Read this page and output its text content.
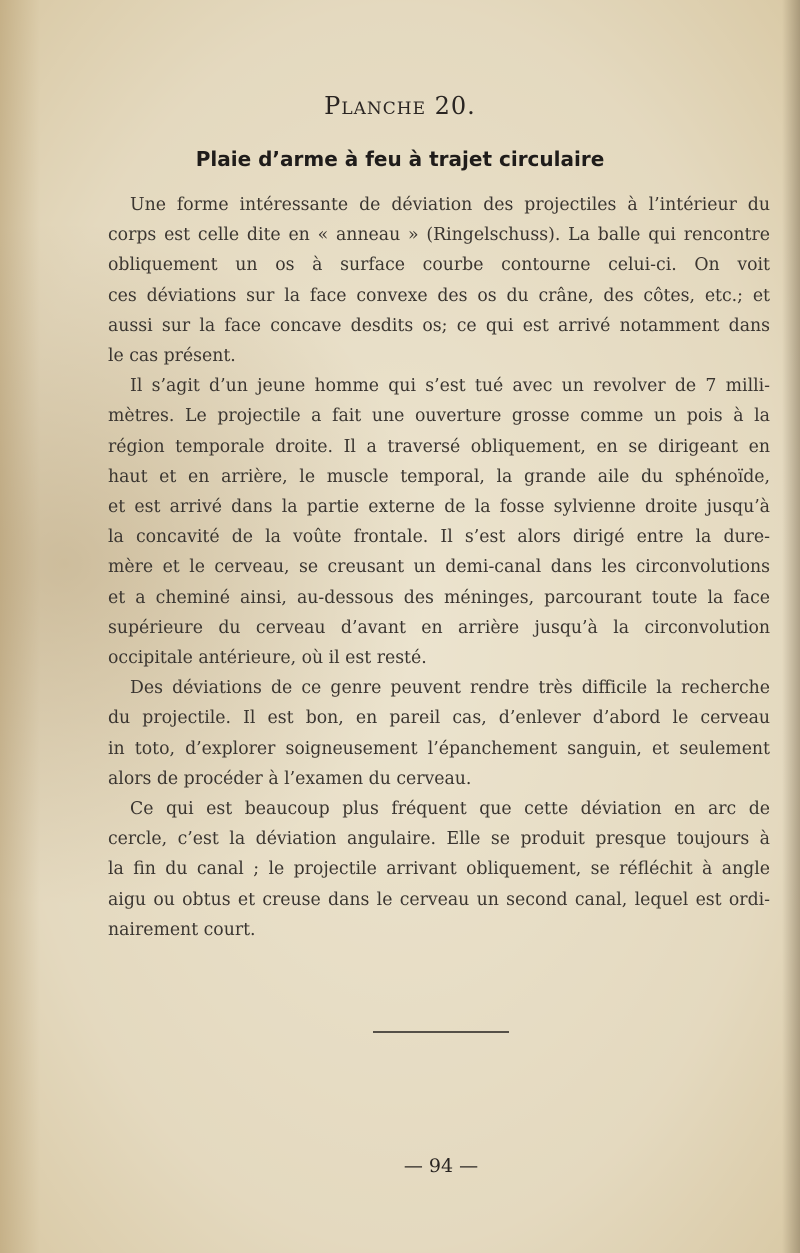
Planche 20.
Plaie d’arme à feu à trajet circulaire

Une forme intéressante de déviation des projectiles à l’intérieur du
corps est celle dite en « anneau » (Ringelschuss). La balle qui rencontre
obliquement un os à surface courbe contourne celui-ci. On voit
ces déviations sur la face convexe des os du crâne, des côtes, etc.; et
aussi sur la face concave desdits os; ce qui est arrivé notamment dans
le cas présent.

Il s’agit d’un jeune homme qui s’est tué avec un revolver de 7 milli-
mètres. Le projectile a fait une ouverture grosse comme un pois à la
région temporale droite. Il a traversé obliquement, en se dirigeant en
haut et en arrière, le muscle temporal, la grande aile du sphénoïde,
et est arrivé dans la partie externe de la fosse sylvienne droite jusqu’à
la concavité de la voûte frontale. Il s’est alors dirigé entre la dure-
mère et le cerveau, se creusant un demi-canal dans les circonvolutions
et a cheminé ainsi, au-dessous des méninges, parcourant toute la face
supérieure du cerveau d’avant en arrière jusqu’à la circonvolution
occipitale antérieure, où il est resté.

Des déviations de ce genre peuvent rendre très difficile la recherche
du projectile. Il est bon, en pareil cas, d’enlever d’abord le cerveau
in toto, d’explorer soigneusement l’épanchement sanguin, et seulement
alors de procéder à l’examen du cerveau.

Ce qui est beaucoup plus fréquent que cette déviation en arc de
cercle, c’est la déviation angulaire. Elle se produit presque toujours à
la fin du canal ; le projectile arrivant obliquement, se réfléchit à angle
aigu ou obtus et creuse dans le cerveau un second canal, lequel est ordi-
nairement court.

— 94 —
